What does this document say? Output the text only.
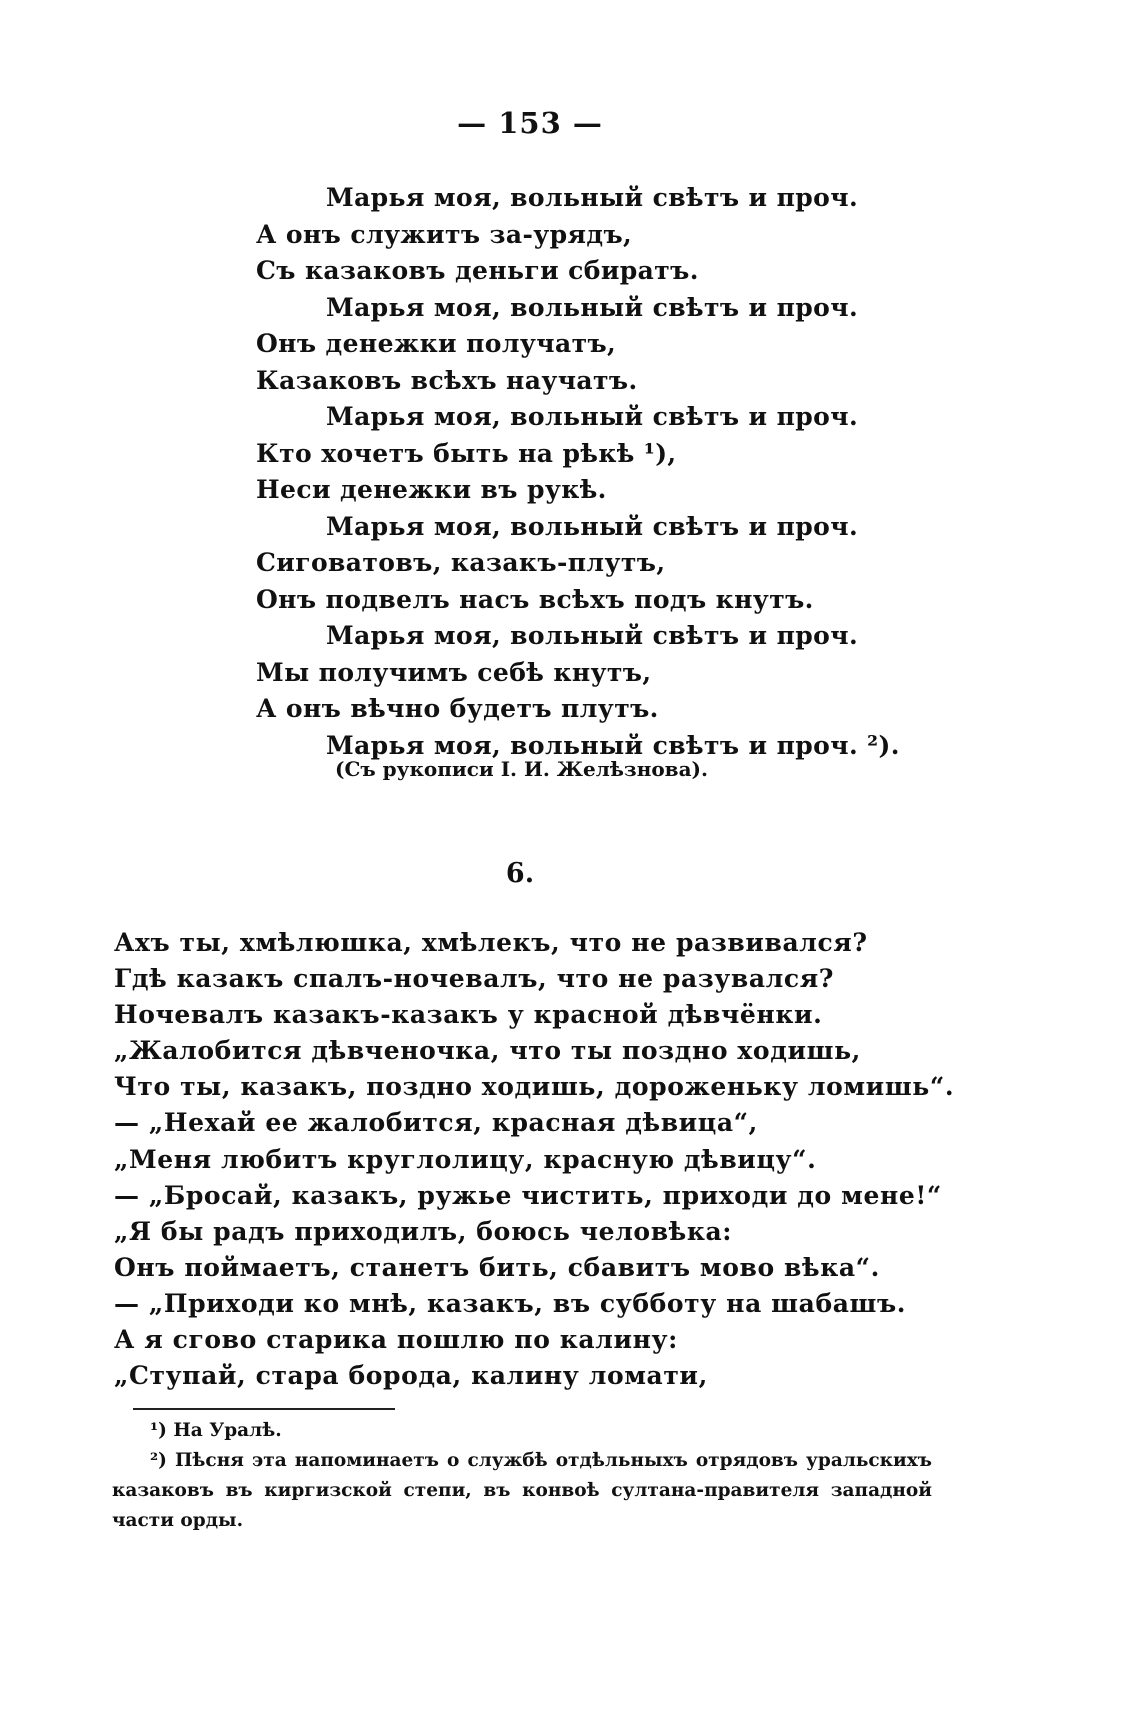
— 153 —
Марья моя, вольный свѣтъ и проч.
А онъ служитъ за-урядъ,
Съ казаковъ деньги сбиратъ.
Марья моя, вольный свѣтъ и проч.
Онъ денежки получатъ,
Казаковъ всѣхъ научатъ.
Марья моя, вольный свѣтъ и проч.
Кто хочетъ быть на рѣкѣ ¹),
Неси денежки въ рукѣ.
Марья моя, вольный свѣтъ и проч.
Сиговатовъ, казакъ-плутъ,
Онъ подвелъ насъ всѣхъ подъ кнутъ.
Марья моя, вольный свѣтъ и проч.
Мы получимъ себѣ кнутъ,
А онъ вѣчно будетъ плутъ.
Марья моя, вольный свѣтъ и проч. ²).
(Съ рукописи I. И. Желѣзнова).
6.
Ахъ ты, хмѣлюшка, хмѣлекъ, что не развивался?
Гдѣ казакъ спалъ-ночевалъ, что не разувался?
Ночевалъ казакъ-казакъ у красной дѣвчёнки.
„Жалобится дѣвченочка, что ты поздно ходишь,
Что ты, казакъ, поздно ходишь, дороженьку ломишь“.
— „Нехай ее жалобится, красная дѣвица“,
„Меня любитъ круглолицу, красную дѣвицу“.
— „Бросай, казакъ, ружье чистить, приходи до мене!“
„Я бы радъ приходилъ, боюсь человѣка:
Онъ поймаетъ, станетъ бить, сбавитъ мово вѣка“.
— „Приходи ко мнѣ, казакъ, въ субботу на шабашъ.
А я сгово старика пошлю по калину:
„Ступай, стара борода, калину ломати,
¹) На Уралѣ.
²) Пѣсня эта напоминаетъ о службѣ отдѣльныхъ отрядовъ уральскихъ казаковъ въ киргизской степи, въ конвоѣ султана-правителя западной части орды.
